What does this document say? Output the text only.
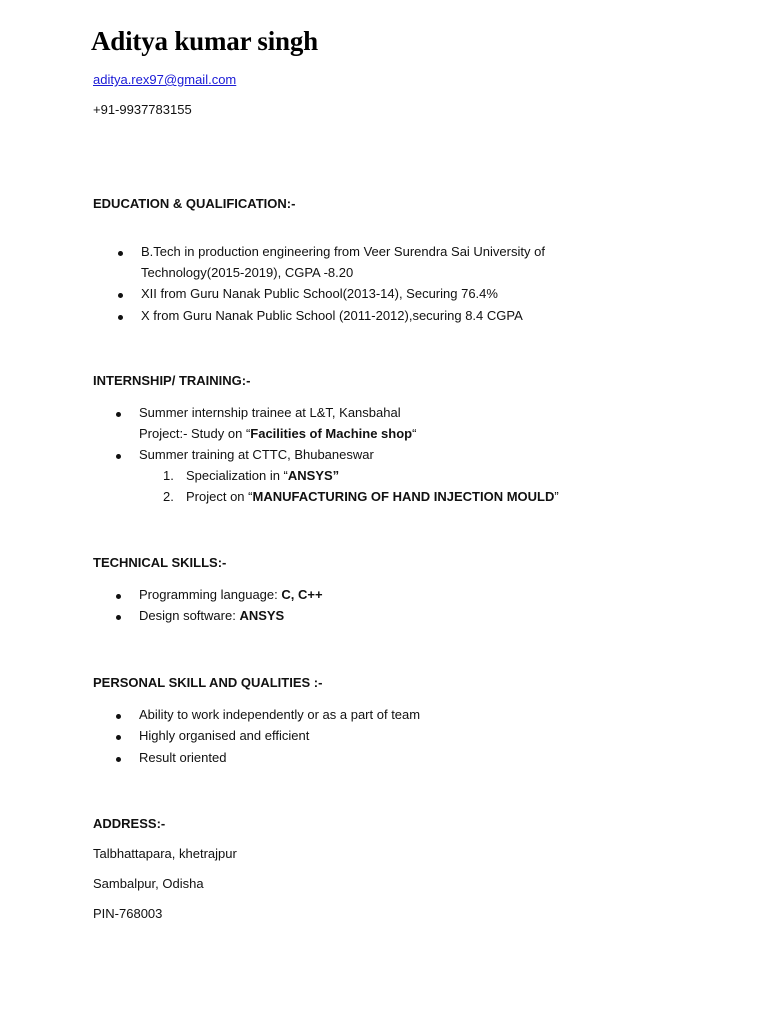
Aditya kumar singh
aditya.rex97@gmail.com
+91-9937783155
EDUCATION & QUALIFICATION:-
B.Tech in production engineering from Veer Surendra Sai University of
Technology(2015-2019), CGPA -8.20
XII from Guru Nanak Public School(2013-14), Securing 76.4%
X from Guru Nanak Public School (2011-2012),securing 8.4 CGPA
INTERNSHIP/ TRAINING:-
Summer internship trainee at L&T, Kansbahal
Project:- Study on “Facilities of Machine shop“
Summer training at CTTC, Bhubaneswar
1. Specialization in “ANSYS”
2. Project on “MANUFACTURING OF HAND INJECTION MOULD”
TECHNICAL SKILLS:-
Programming language: C, C++
Design software: ANSYS
PERSONAL SKILL AND QUALITIES :-
Ability to work independently or as a part of team
Highly organised and efficient
Result oriented
ADDRESS:-
Talbhattapara, khetrajpur
Sambalpur, Odisha
PIN-768003
